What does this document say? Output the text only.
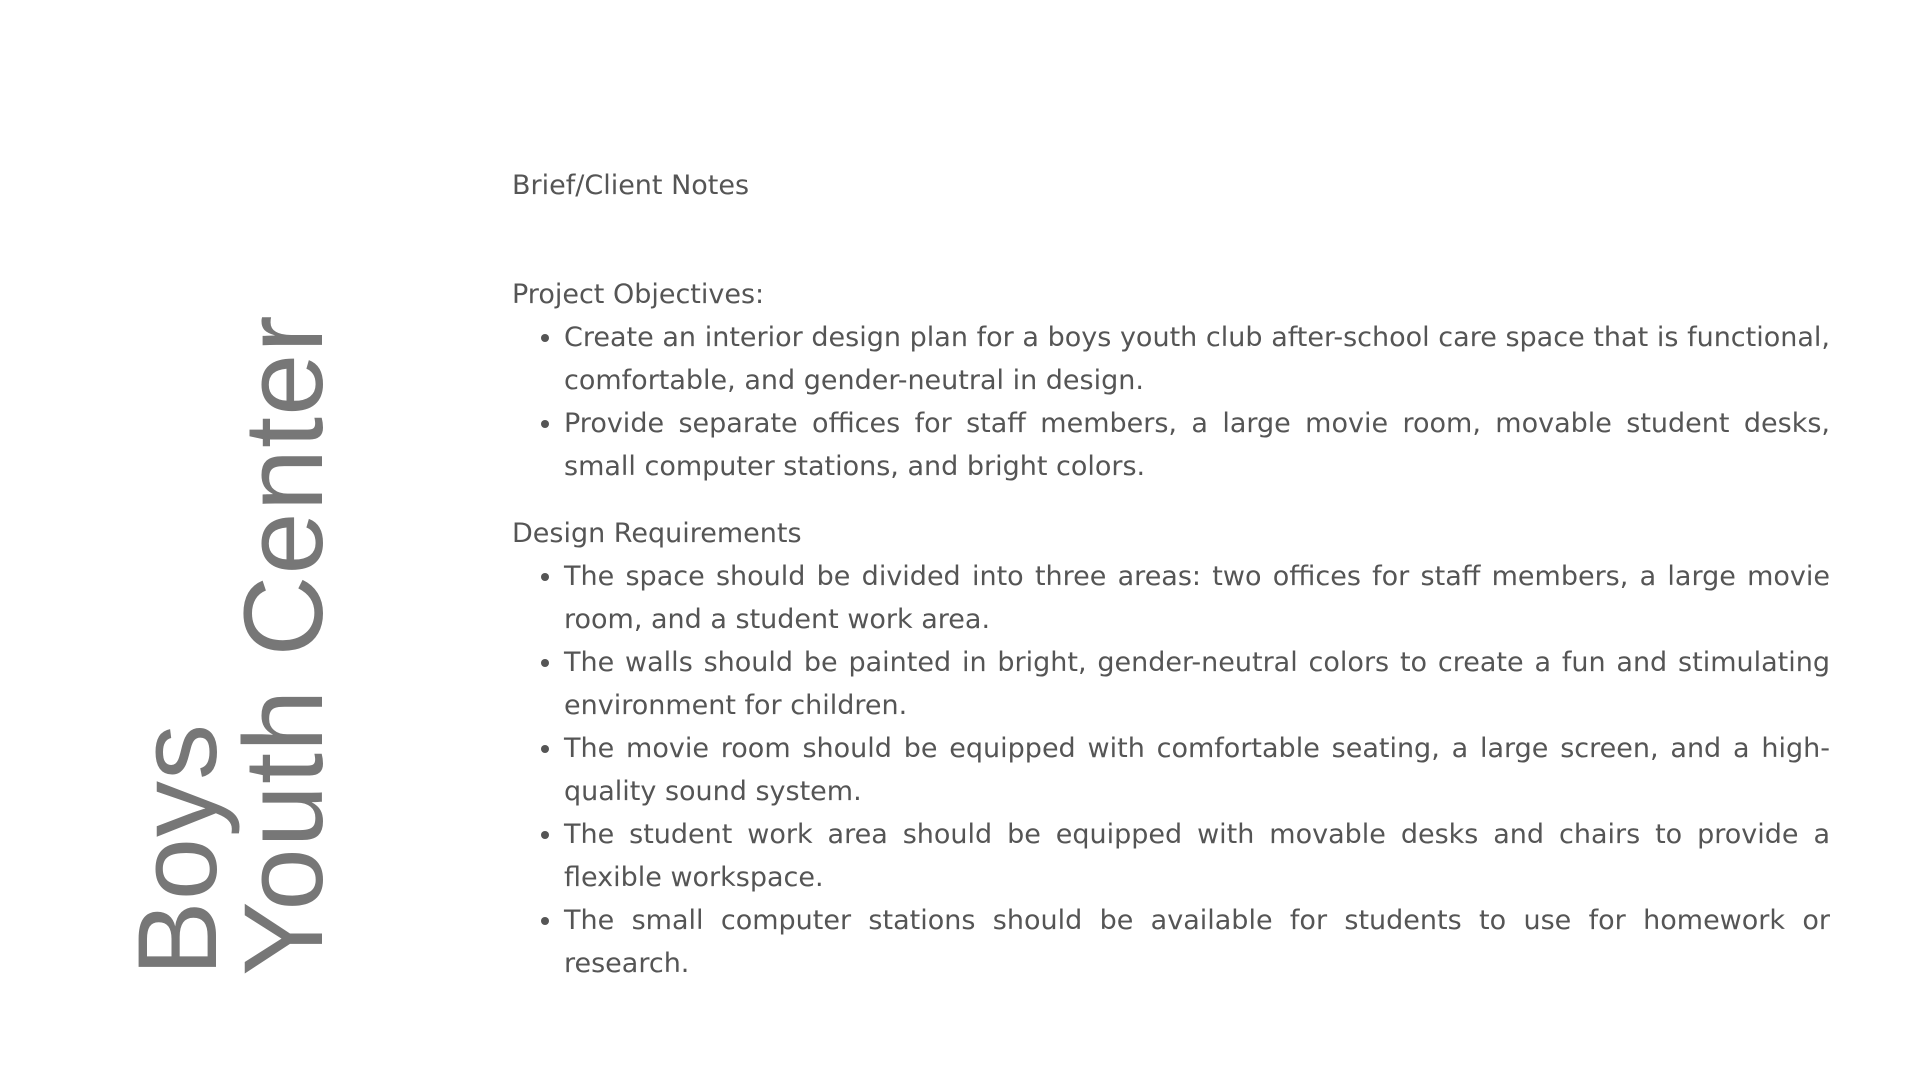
Boys
Youth Center
Brief/Client Notes
Project Objectives:
• Create an interior design plan for a boys youth club after-school care space that is functional, comfortable, and gender-neutral in design.
• Provide separate offices for staff members, a large movie room, movable student desks, small computer stations, and bright colors.
Design Requirements
• The space should be divided into three areas: two offices for staff members, a large movie room, and a student work area.
• The walls should be painted in bright, gender-neutral colors to create a fun and stimulating environment for children.
• The movie room should be equipped with comfortable seating, a large screen, and a high-quality sound system.
• The student work area should be equipped with movable desks and chairs to provide a flexible workspace.
• The small computer stations should be available for students to use for homework or research.
